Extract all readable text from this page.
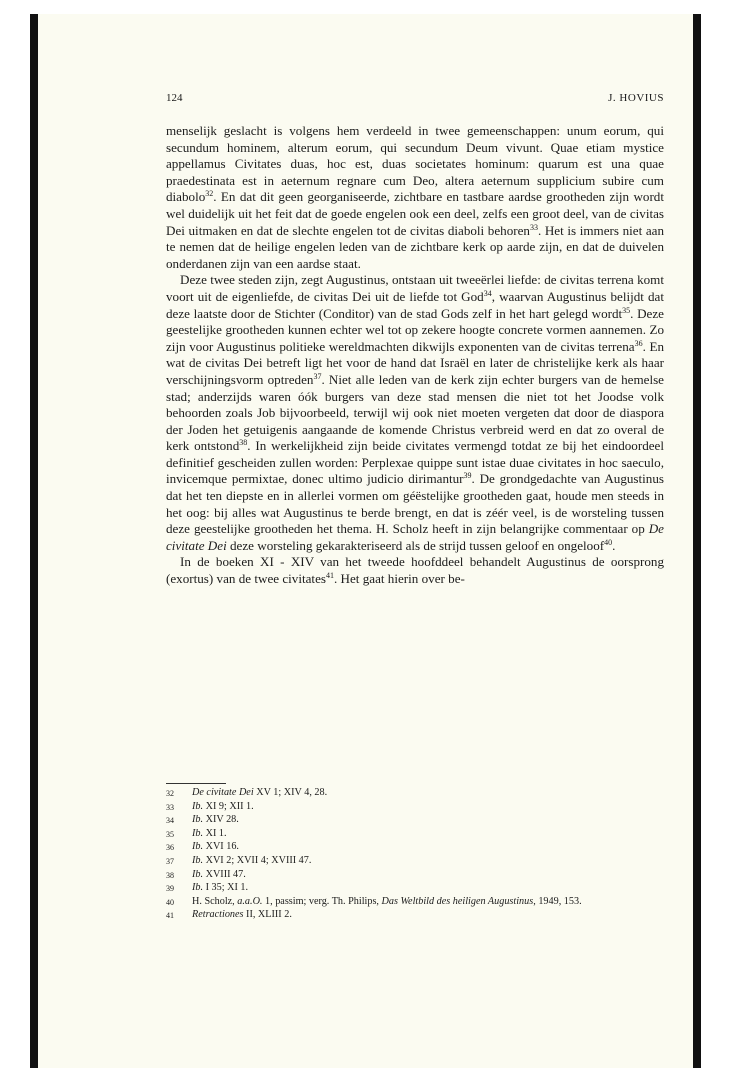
124	J. HOVIUS

menselijk geslacht is volgens hem verdeeld in twee gemeenschappen: unum eorum, qui secundum hominem, alterum eorum, qui secundum Deum vivunt. Quae etiam mystice appellamus Civitates duas, hoc est, duas societates hominum: quarum est una quae praedestinata est in aeternum regnare cum Deo, altera aeternum supplicium subire cum diabolo$^{32}$. En dat dit geen georganiseerde, zichtbare en tastbare aardse grootheden zijn wordt wel duidelijk uit het feit dat de goede engelen ook een deel, zelfs een groot deel, van de civitas Dei uitmaken en dat de slechte engelen tot de civitas diaboli behoren$^{33}$. Het is immers niet aan te nemen dat de heilige engelen leden van de zichtbare kerk op aarde zijn, en dat de duivelen onderdanen zijn van een aardse staat.

Deze twee steden zijn, zegt Augustinus, ontstaan uit tweeërlei liefde: de civitas terrena komt voort uit de eigenliefde, de civitas Dei uit de liefde tot God$^{34}$, waarvan Augustinus belijdt dat deze laatste door de Stichter (Conditor) van de stad Gods zelf in het hart gelegd wordt$^{35}$. Deze geestelijke grootheden kunnen echter wel tot op zekere hoogte concrete vormen aannemen. Zo zijn voor Augustinus politieke wereldmachten dikwijls exponenten van de civitas terrena$^{36}$. En wat de civitas Dei betreft ligt het voor de hand dat Israël en later de christelijke kerk als haar verschijningsvorm optreden$^{37}$. Niet alle leden van de kerk zijn echter burgers van de hemelse stad; anderzijds waren óók burgers van deze stad mensen die niet tot het Joodse volk behoorden zoals Job bijvoorbeeld, terwijl wij ook niet moeten vergeten dat door de diaspora der Joden het getuigenis aangaande de komende Christus verbreid werd en dat zo overal de kerk ontstond$^{38}$. In werkelijkheid zijn beide civitates vermengd totdat ze bij het eindoordeel definitief gescheiden zullen worden: Perplexae quippe sunt istae duae civitates in hoc saeculo, invicemque permixtae, donec ultimo judicio dirimantur$^{39}$. De grondgedachte van Augustinus dat het ten diepste en in allerlei vormen om géëstelijke grootheden gaat, houde men steeds in het oog: bij alles wat Augustinus te berde brengt, en dat is zéér veel, is de worsteling tussen deze geestelijke grootheden het thema. H. Scholz heeft in zijn belangrijke commentaar op De civitate Dei deze worsteling gekarakteriseerd als de strijd tussen geloof en ongeloof$^{40}$.

In de boeken XI - XIV van het tweede hoofddeel behandelt Augustinus de oorsprong (exortus) van de twee civitates$^{41}$. Het gaat hierin over be-

32	De civitate Dei XV 1; XIV 4, 28.
33	Ib. XI 9; XII 1.
34	Ib. XIV 28.
35	Ib. XI 1.
36	Ib. XVI 16.
37	Ib. XVI 2; XVII 4; XVIII 47.
38	Ib. XVIII 47.
39	Ib. I 35; XI 1.
40	H. Scholz, a.a.O. 1, passim; verg. Th. Philips, Das Weltbild des heiligen Augustinus, 1949, 153.
41	Retractiones II, XLIII 2.
